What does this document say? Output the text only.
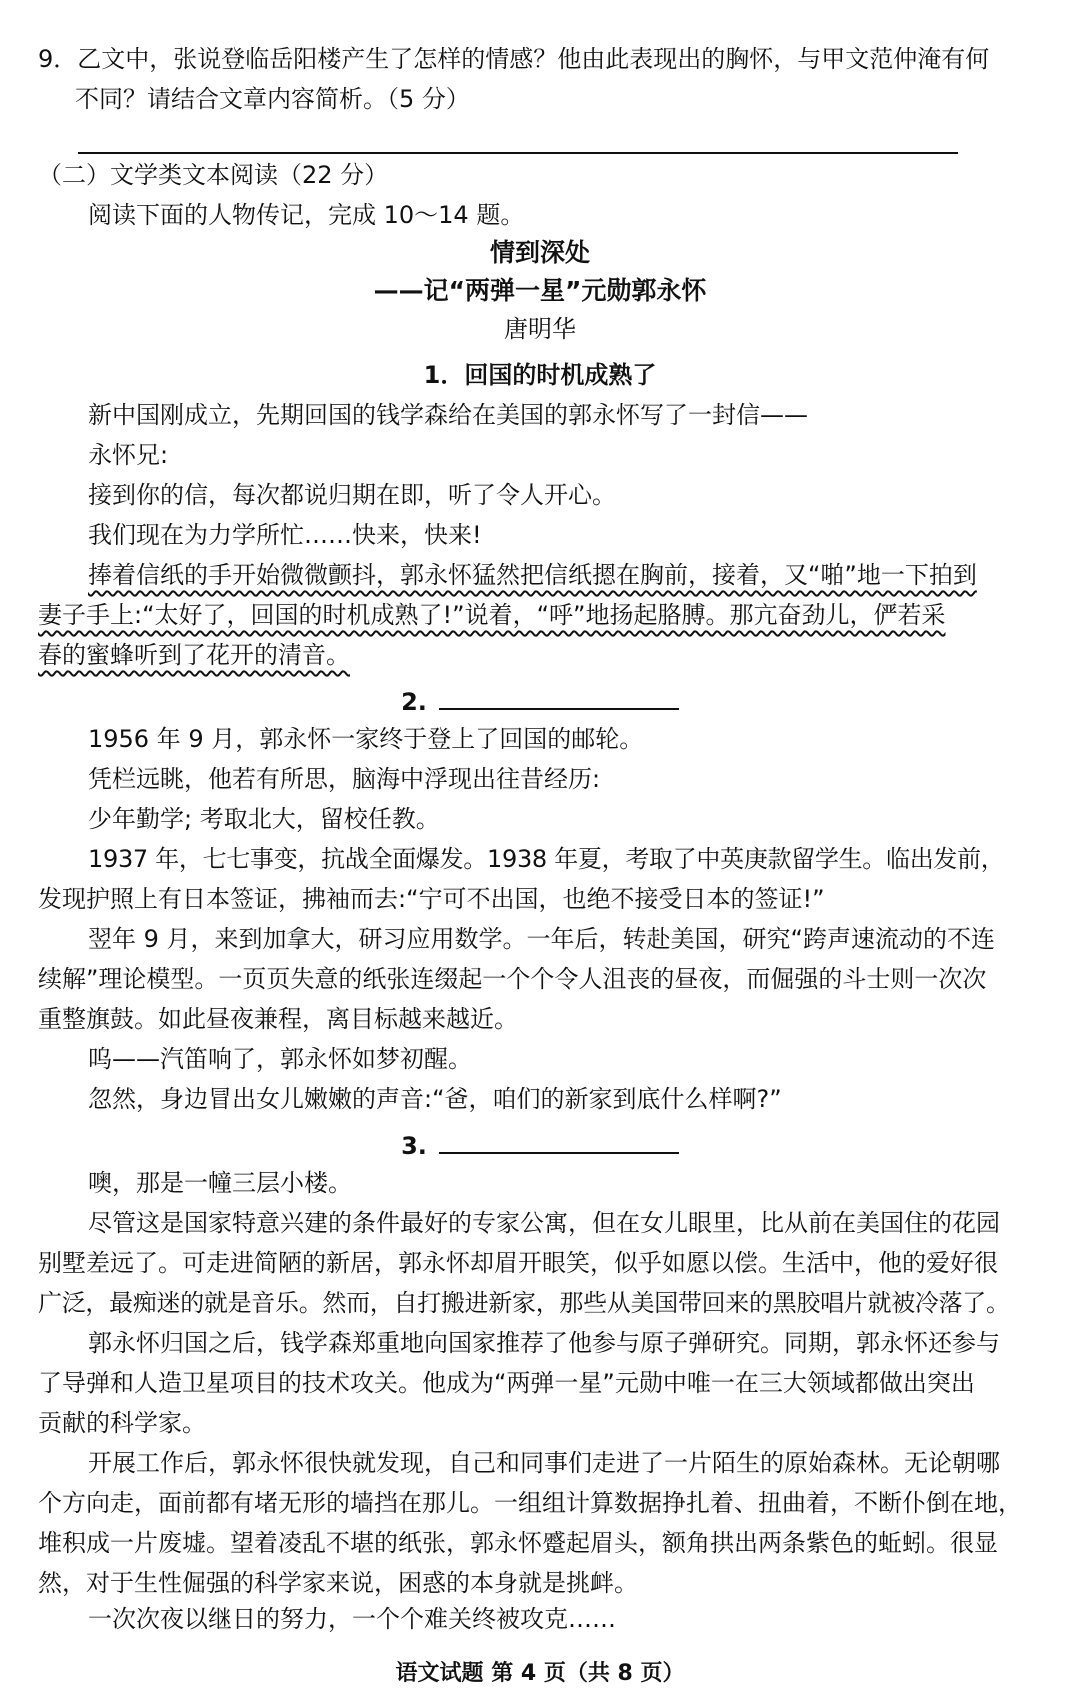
9．乙文中，张说登临岳阳楼产生了怎样的情感？他由此表现出的胸怀，与甲文范仲淹有何
不同？请结合文章内容简析。（5 分）
（二）文学类文本阅读（22 分）
阅读下面的人物传记，完成 10～14 题。
情到深处
——记“两弹一星”元勋郭永怀
唐明华
1．回国的时机成熟了
新中国刚成立，先期回国的钱学森给在美国的郭永怀写了一封信——
永怀兄:
接到你的信，每次都说归期在即，听了令人开心。
我们现在为力学所忙……快来，快来!
捧着信纸的手开始微微颤抖，郭永怀猛然把信纸摁在胸前，接着，又“啪”地一下拍到
妻子手上:“太好了，回国的时机成熟了!”说着，“呼”地扬起胳膊。那亢奋劲儿，俨若采
春的蜜蜂听到了花开的清音。
2.
1956 年 9 月，郭永怀一家终于登上了回国的邮轮。
凭栏远眺，他若有所思，脑海中浮现出往昔经历:
少年勤学; 考取北大，留校任教。
1937 年，七七事变，抗战全面爆发。1938 年夏，考取了中英庚款留学生。临出发前，
发现护照上有日本签证，拂袖而去:“宁可不出国，也绝不接受日本的签证!”
翌年 9 月，来到加拿大，研习应用数学。一年后，转赴美国，研究“跨声速流动的不连
续解”理论模型。一页页失意的纸张连缀起一个个令人沮丧的昼夜，而倔强的斗士则一次次
重整旗鼓。如此昼夜兼程，离目标越来越近。
呜——汽笛响了，郭永怀如梦初醒。
忽然，身边冒出女儿嫩嫩的声音:“爸，咱们的新家到底什么样啊?”
3.
噢，那是一幢三层小楼。
尽管这是国家特意兴建的条件最好的专家公寓，但在女儿眼里，比从前在美国住的花园
别墅差远了。可走进简陋的新居，郭永怀却眉开眼笑，似乎如愿以偿。生活中，他的爱好很
广泛，最痴迷的就是音乐。然而，自打搬进新家，那些从美国带回来的黑胶唱片就被冷落了。
郭永怀归国之后，钱学森郑重地向国家推荐了他参与原子弹研究。同期，郭永怀还参与
了导弹和人造卫星项目的技术攻关。他成为“两弹一星”元勋中唯一在三大领域都做出突出
贡献的科学家。
开展工作后，郭永怀很快就发现，自己和同事们走进了一片陌生的原始森林。无论朝哪
个方向走，面前都有堵无形的墙挡在那儿。一组组计算数据挣扎着、扭曲着，不断仆倒在地，
堆积成一片废墟。望着凌乱不堪的纸张，郭永怀蹙起眉头，额角拱出两条紫色的蚯蚓。很显
然，对于生性倔强的科学家来说，困惑的本身就是挑衅。
一次次夜以继日的努力，一个个难关终被攻克……
语文试题 第 4 页（共 8 页）
